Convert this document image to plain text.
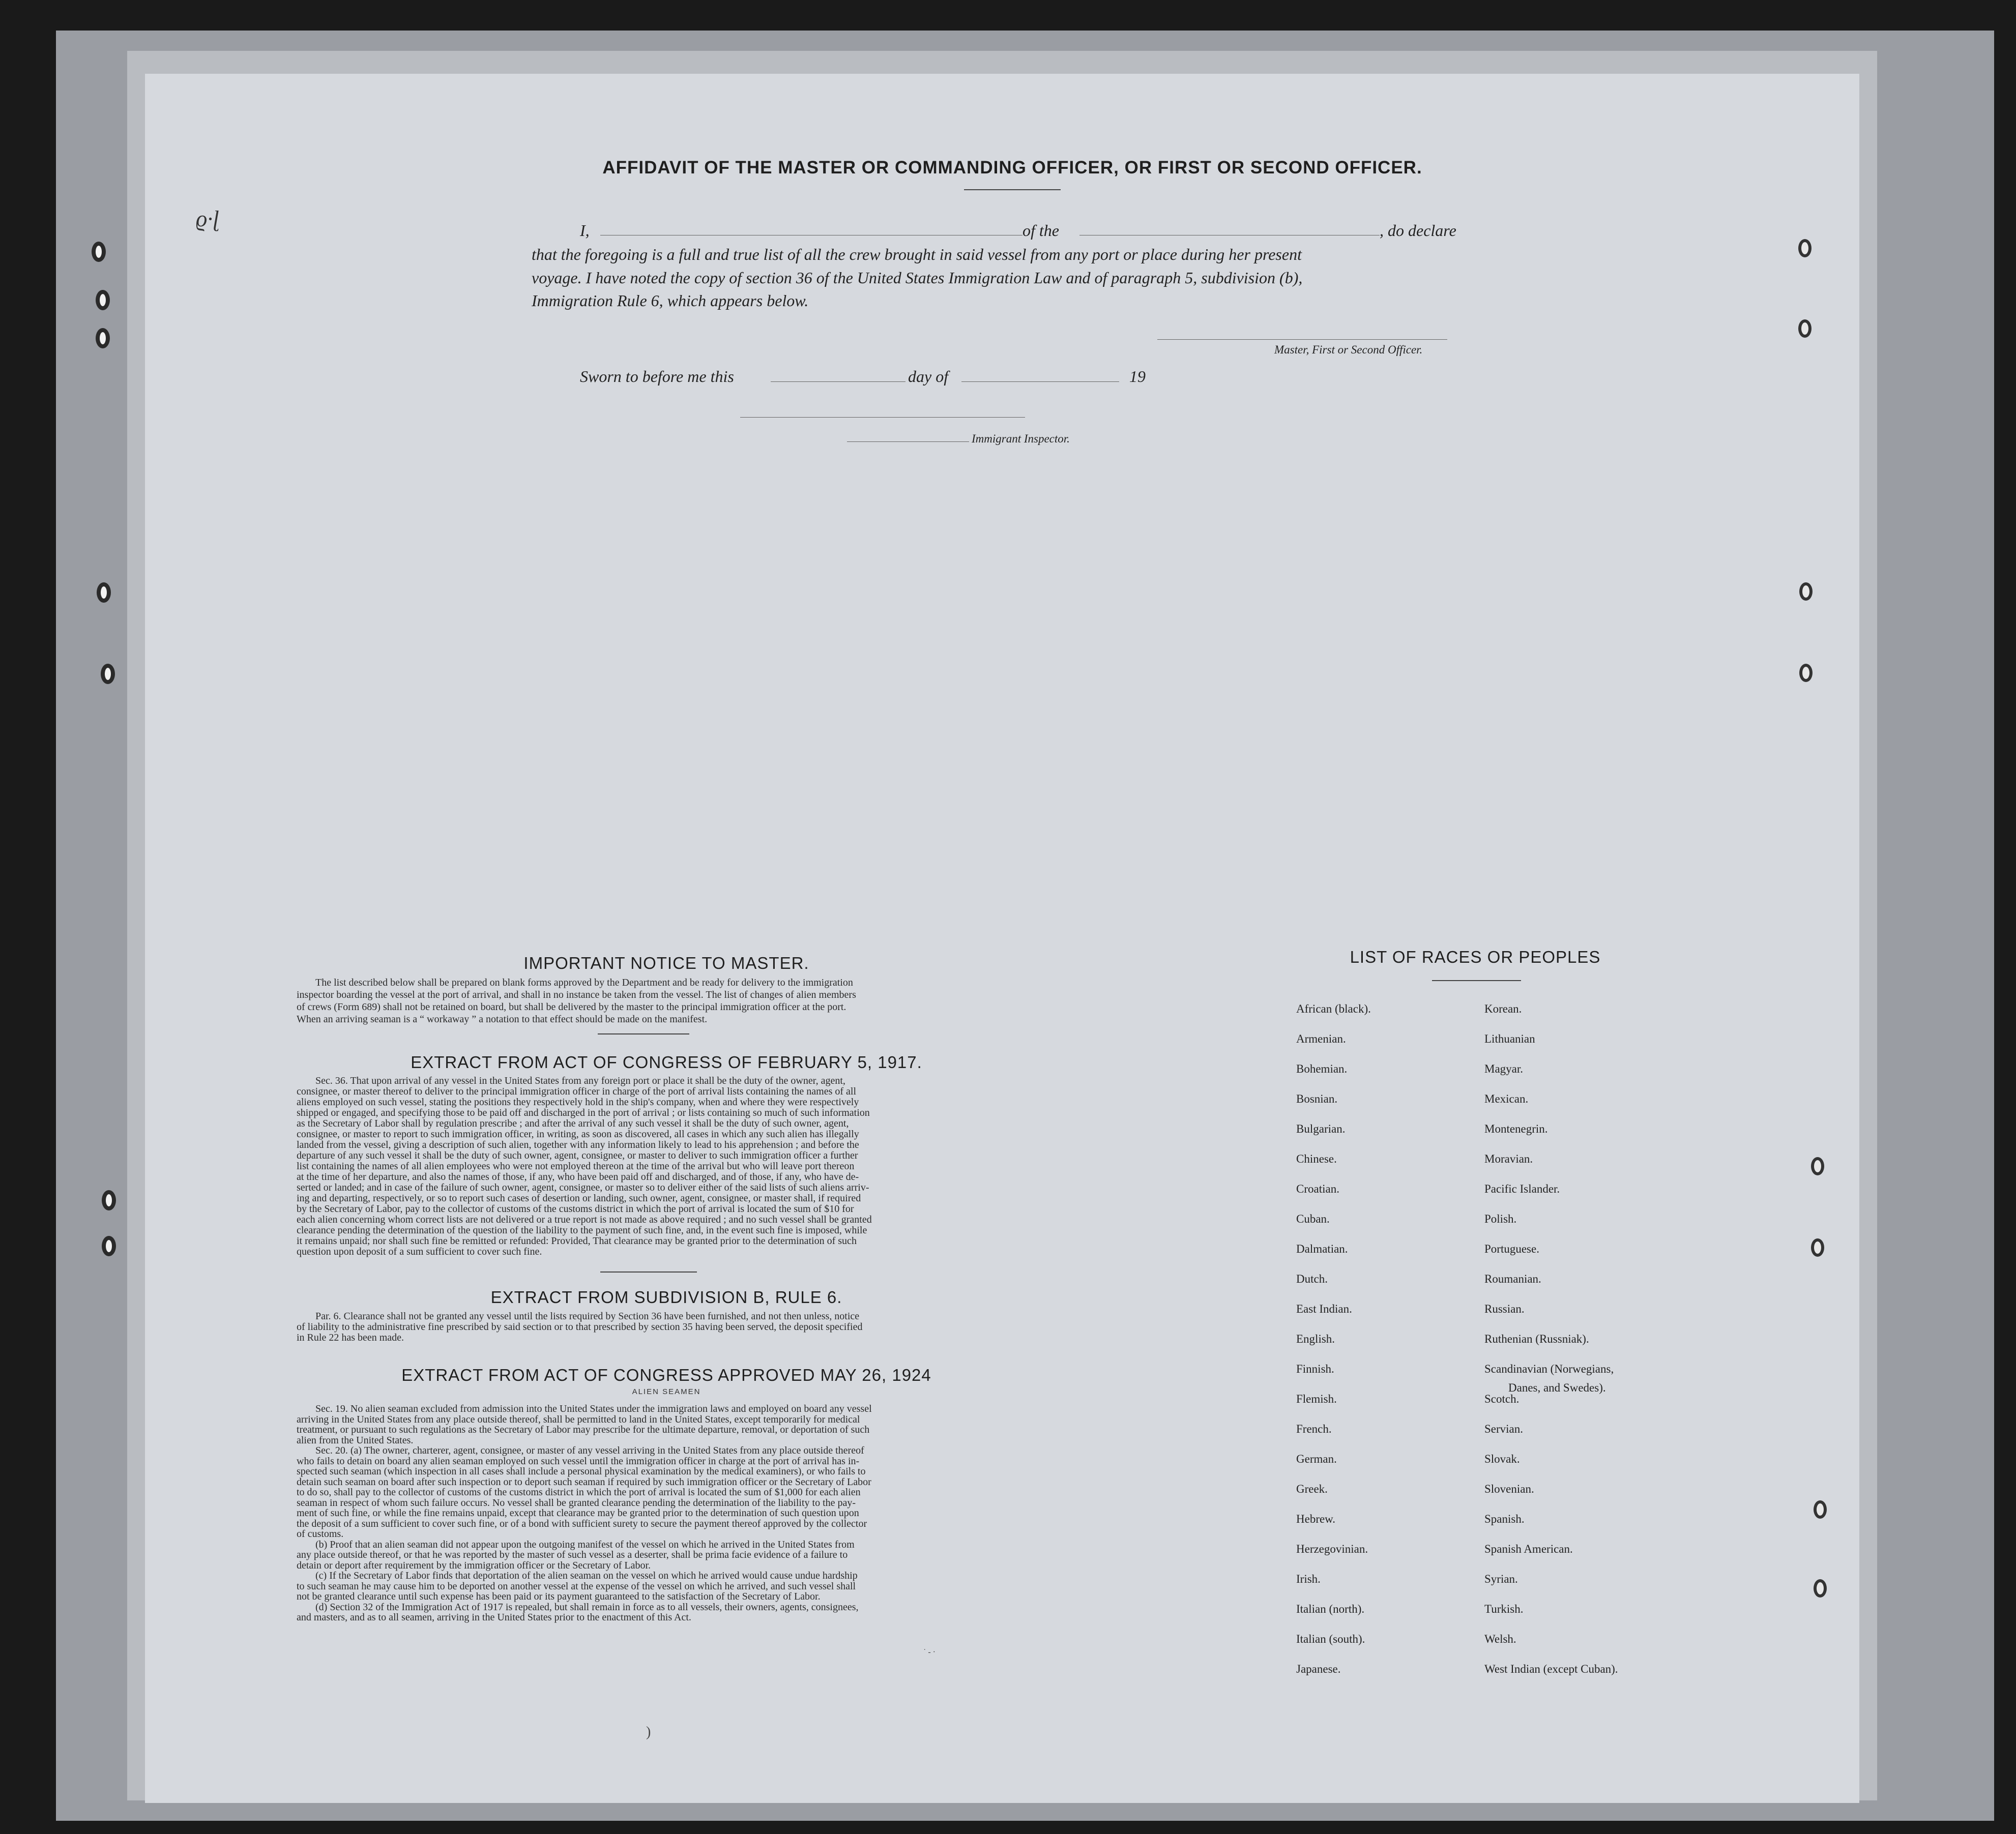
ϱ·ɭ
AFFIDAVIT OF THE MASTER OR COMMANDING OFFICER, OR FIRST OR SECOND OFFICER.
I,	of the	, do declare
that the foregoing is a full and true list of all the crew brought in said vessel from any port or place during her present
voyage. I have noted the copy of section 36 of the United States Immigration Law and of paragraph 5, subdivision (b),
Immigration Rule 6, which appears below.
Master, First or Second Officer.
Sworn to before me this	day of	19
Immigrant Inspector.
IMPORTANT NOTICE TO MASTER.
The list described below shall be prepared on blank forms approved by the Department and be ready for delivery to the immigration
inspector boarding the vessel at the port of arrival, and shall in no instance be taken from the vessel. The list of changes of alien members
of crews (Form 689) shall not be retained on board, but shall be delivered by the master to the principal immigration officer at the port.
When an arriving seaman is a “ workaway ” a notation to that effect should be made on the manifest.
EXTRACT FROM ACT OF CONGRESS OF FEBRUARY 5, 1917.
Sec. 36. That upon arrival of any vessel in the United States from any foreign port or place it shall be the duty of the owner, agent,
consignee, or master thereof to deliver to the principal immigration officer in charge of the port of arrival lists containing the names of all
aliens employed on such vessel, stating the positions they respectively hold in the ship's company, when and where they were respectively
shipped or engaged, and specifying those to be paid off and discharged in the port of arrival ; or lists containing so much of such information
as the Secretary of Labor shall by regulation prescribe ; and after the arrival of any such vessel it shall be the duty of such owner, agent,
consignee, or master to report to such immigration officer, in writing, as soon as discovered, all cases in which any such alien has illegally
landed from the vessel, giving a description of such alien, together with any information likely to lead to his apprehension ; and before the
departure of any such vessel it shall be the duty of such owner, agent, consignee, or master to deliver to such immigration officer a further
list containing the names of all alien employees who were not employed thereon at the time of the arrival but who will leave port thereon
at the time of her departure, and also the names of those, if any, who have been paid off and discharged, and of those, if any, who have de-
serted or landed; and in case of the failure of such owner, agent, consignee, or master so to deliver either of the said lists of such aliens arriv-
ing and departing, respectively, or so to report such cases of desertion or landing, such owner, agent, consignee, or master shall, if required
by the Secretary of Labor, pay to the collector of customs of the customs district in which the port of arrival is located the sum of $10 for
each alien concerning whom correct lists are not delivered or a true report is not made as above required ; and no such vessel shall be granted
clearance pending the determination of the question of the liability to the payment of such fine, and, in the event such fine is imposed, while
it remains unpaid; nor shall such fine be remitted or refunded: Provided, That clearance may be granted prior to the determination of such
question upon deposit of a sum sufficient to cover such fine.
EXTRACT FROM SUBDIVISION B, RULE 6.
Par. 6. Clearance shall not be granted any vessel until the lists required by Section 36 have been furnished, and not then unless, notice
of liability to the administrative fine prescribed by said section or to that prescribed by section 35 having been served, the deposit specified
in Rule 22 has been made.
EXTRACT FROM ACT OF CONGRESS APPROVED MAY 26, 1924
ALIEN SEAMEN
Sec. 19. No alien seaman excluded from admission into the United States under the immigration laws and employed on board any vessel
arriving in the United States from any place outside thereof, shall be permitted to land in the United States, except temporarily for medical
treatment, or pursuant to such regulations as the Secretary of Labor may prescribe for the ultimate departure, removal, or deportation of such
alien from the United States.
Sec. 20. (a) The owner, charterer, agent, consignee, or master of any vessel arriving in the United States from any place outside thereof
who fails to detain on board any alien seaman employed on such vessel until the immigration officer in charge at the port of arrival has in-
spected such seaman (which inspection in all cases shall include a personal physical examination by the medical examiners), or who fails to
detain such seaman on board after such inspection or to deport such seaman if required by such immigration officer or the Secretary of Labor
to do so, shall pay to the collector of customs of the customs district in which the port of arrival is located the sum of $1,000 for each alien
seaman in respect of whom such failure occurs. No vessel shall be granted clearance pending the determination of the liability to the pay-
ment of such fine, or while the fine remains unpaid, except that clearance may be granted prior to the determination of such question upon
the deposit of a sum sufficient to cover such fine, or of a bond with sufficient surety to secure the payment thereof approved by the collector
of customs.
(b) Proof that an alien seaman did not appear upon the outgoing manifest of the vessel on which he arrived in the United States from
any place outside thereof, or that he was reported by the master of such vessel as a deserter, shall be prima facie evidence of a failure to
detain or deport after requirement by the immigration officer or the Secretary of Labor.
(c) If the Secretary of Labor finds that deportation of the alien seaman on the vessel on which he arrived would cause undue hardship
to such seaman he may cause him to be deported on another vessel at the expense of the vessel on which he arrived, and such vessel shall
not be granted clearance until such expense has been paid or its payment guaranteed to the satisfaction of the Secretary of Labor.
(d) Section 32 of the Immigration Act of 1917 is repealed, but shall remain in force as to all vessels, their owners, agents, consignees,
and masters, and as to all seamen, arriving in the United States prior to the enactment of this Act.
LIST OF RACES OR PEOPLES
African (black).
Armenian.
Bohemian.
Bosnian.
Bulgarian.
Chinese.
Croatian.
Cuban.
Dalmatian.
Dutch.
East Indian.
English.
Finnish.
Flemish.
French.
German.
Greek.
Hebrew.
Herzegovinian.
Irish.
Italian (north).
Italian (south).
Japanese.
Korean.
Lithuanian
Magyar.
Mexican.
Montenegrin.
Moravian.
Pacific Islander.
Polish.
Portuguese.
Roumanian.
Russian.
Ruthenian (Russniak).
Scandinavian (Norwegians,
Scotch.
Servian.
Slovak.
Slovenian.
Spanish.
Spanish American.
Syrian.
Turkish.
Welsh.
West Indian (except Cuban).
Danes, and Swedes).
)
˙ ‐ ·
